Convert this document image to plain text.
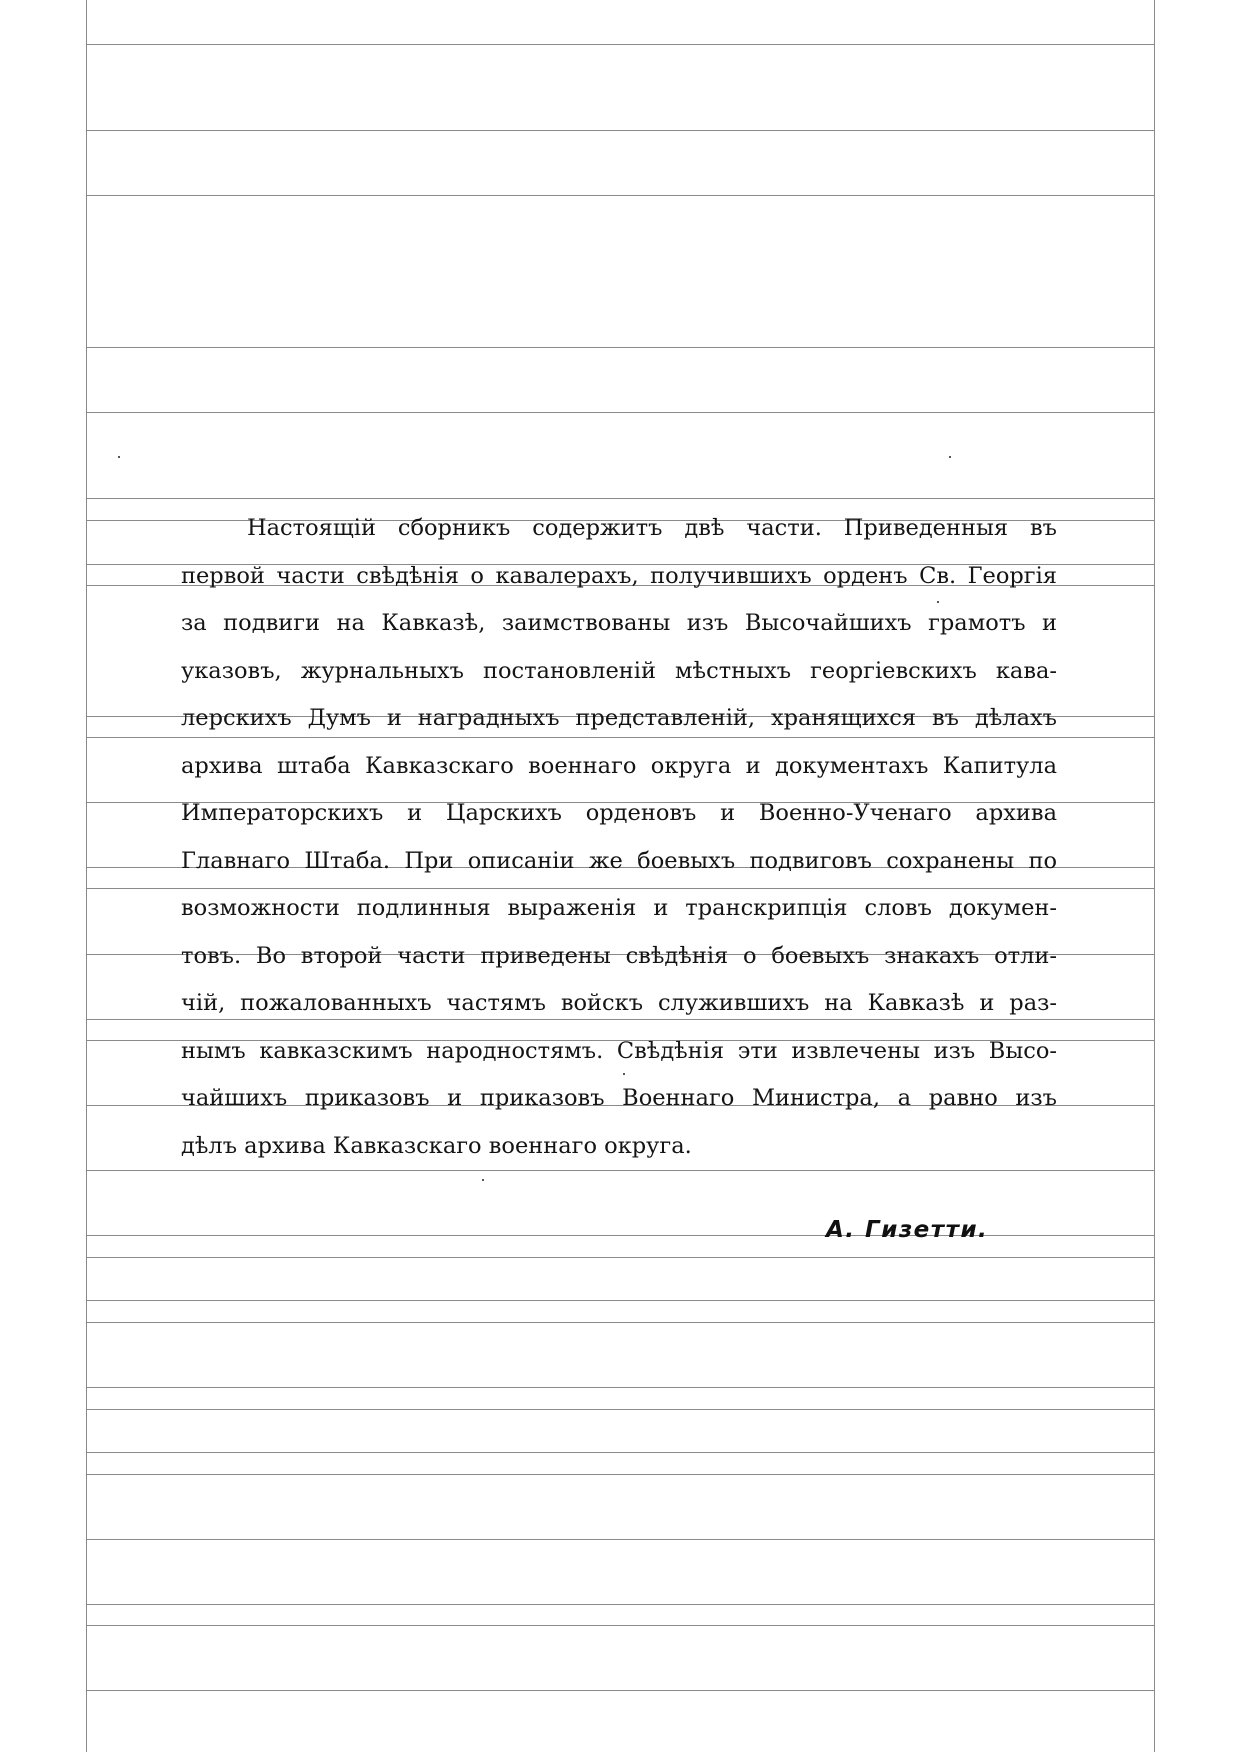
Настоящій сборникъ содержитъ двѣ части. Приведенныя въ
первой части свѣдѣнія о кавалерахъ, получившихъ орденъ Св. Георгія
за подвиги на Кавказѣ, заимствованы изъ Высочайшихъ грамотъ и
указовъ, журнальныхъ постановленій мѣстныхъ георгіевскихъ кава-
лерскихъ Думъ и наградныхъ представленій, хранящихся въ дѣлахъ
архива штаба Кавказскаго военнаго округа и документахъ Капитула
Императорскихъ и Царскихъ орденовъ и Военно-Ученаго архива
Главнаго Штаба. При описаніи же боевыхъ подвиговъ сохранены по
возможности подлинныя выраженія и транскрипція словъ докумен-
товъ. Во второй части приведены свѣдѣнія о боевыхъ знакахъ отли-
чій, пожалованныхъ частямъ войскъ служившихъ на Кавказѣ и раз-
нымъ кавказскимъ народностямъ. Свѣдѣнія эти извлечены изъ Высо-
чайшихъ приказовъ и приказовъ Военнаго Министра, а равно изъ
дѣлъ архива Кавказскаго военнаго округа.
А. Гизетти.
